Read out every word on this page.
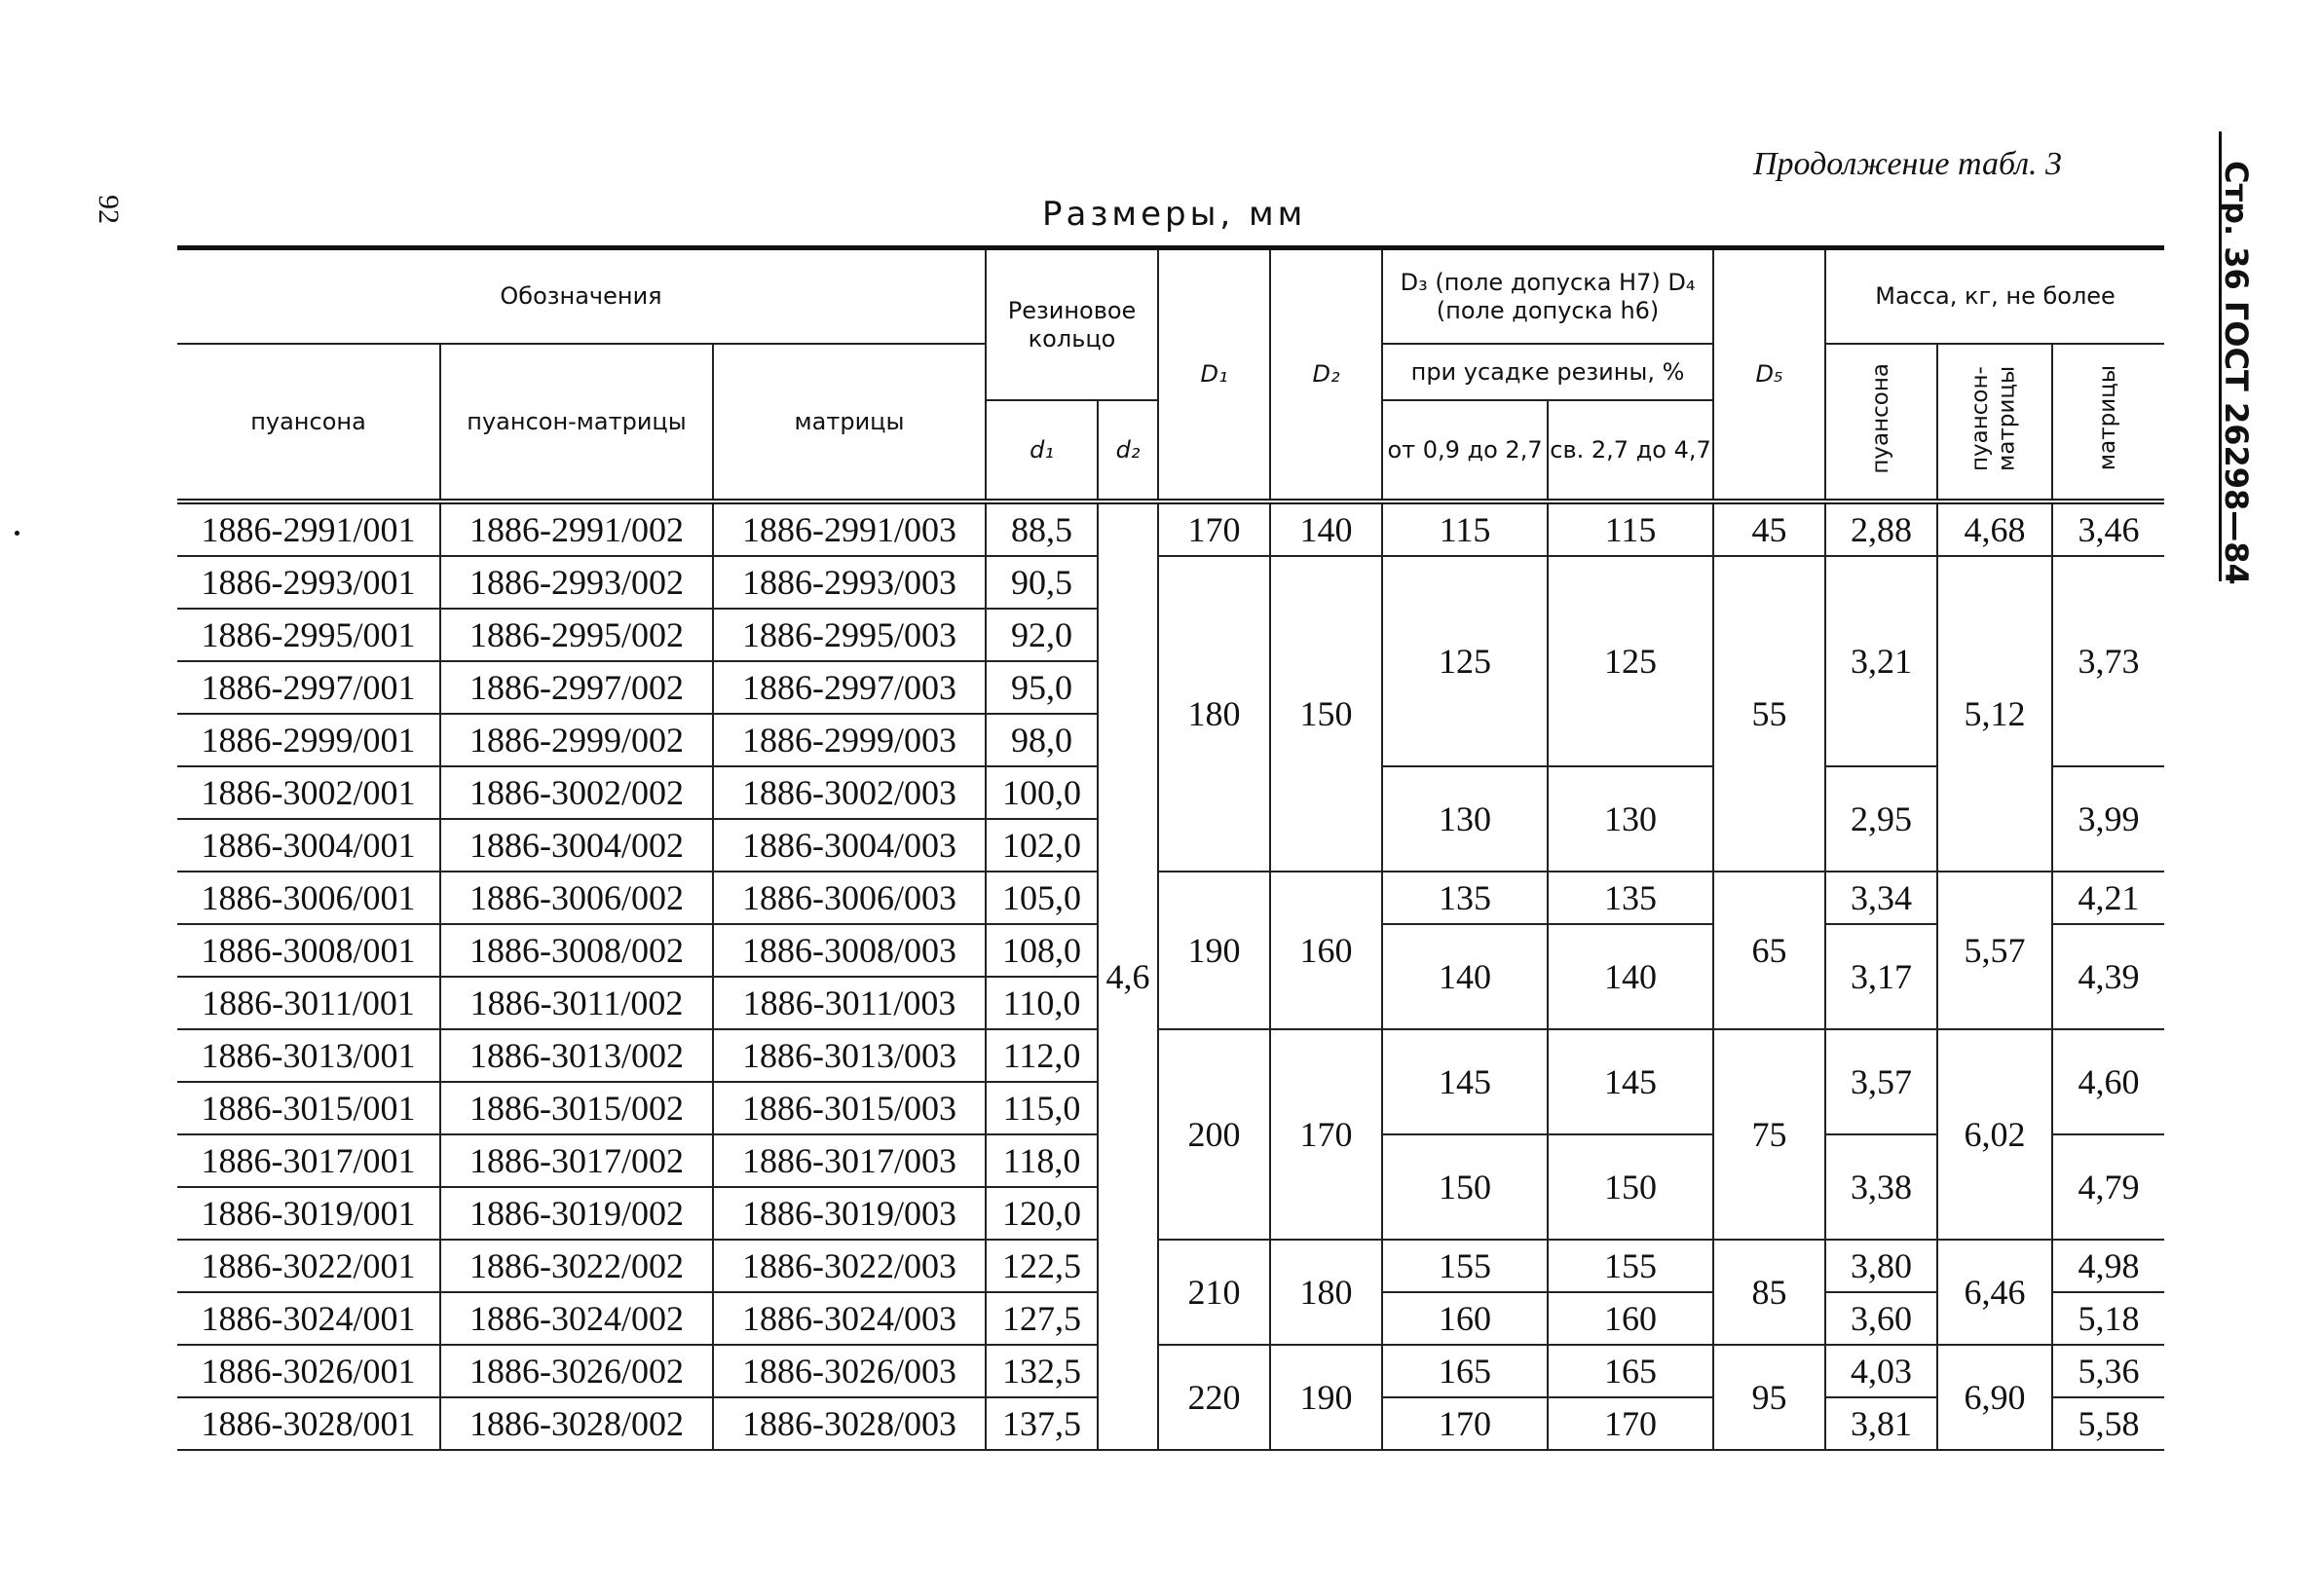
92
Продолжение табл. 3
Размеры, мм	Стр. 36 ГОСТ 26298—84
Обозначения			Резиновое кольцо		D₁	D₂	D₃ (поле допуска H7) D₄ (поле допуска h6)		D₅	Масса, кг, не более		
пуансона	пуансон-матрицы	матрицы					при усадке резины, %			пуансона	пуансон-матрицы	матрицы
			d₁	d₂			от 0,9 до 2,7	св. 2,7 до 4,7				
1886-2991/001	1886-2991/002	1886-2991/003	88,5	4,6	170	140	115	115	45	2,88	4,68	3,46
1886-2993/001	1886-2993/002	1886-2993/003	90,5		180	150	125	125	55	3,21	5,12	3,73
1886-2995/001	1886-2995/002	1886-2995/003	92,0									
1886-2997/001	1886-2997/002	1886-2997/003	95,0									
1886-2999/001	1886-2999/002	1886-2999/003	98,0									
1886-3002/001	1886-3002/002	1886-3002/003	100,0				130	130		2,95		3,99
1886-3004/001	1886-3004/002	1886-3004/003	102,0									
1886-3006/001	1886-3006/002	1886-3006/003	105,0		190	160	135	135	65	3,34	5,57	4,21
1886-3008/001	1886-3008/002	1886-3008/003	108,0				140	140		3,17		4,39
1886-3011/001	1886-3011/002	1886-3011/003	110,0									
1886-3013/001	1886-3013/002	1886-3013/003	112,0		200	170	145	145	75	3,57	6,02	4,60
1886-3015/001	1886-3015/002	1886-3015/003	115,0									
1886-3017/001	1886-3017/002	1886-3017/003	118,0				150	150		3,38		4,79
1886-3019/001	1886-3019/002	1886-3019/003	120,0									
1886-3022/001	1886-3022/002	1886-3022/003	122,5		210	180	155	155	85	3,80	6,46	4,98
1886-3024/001	1886-3024/002	1886-3024/003	127,5				160	160		3,60		5,18
1886-3026/001	1886-3026/002	1886-3026/003	132,5		220	190	165	165	95	4,03	6,90	5,36
1886-3028/001	1886-3028/002	1886-3028/003	137,5				170	170		3,81		5,58
